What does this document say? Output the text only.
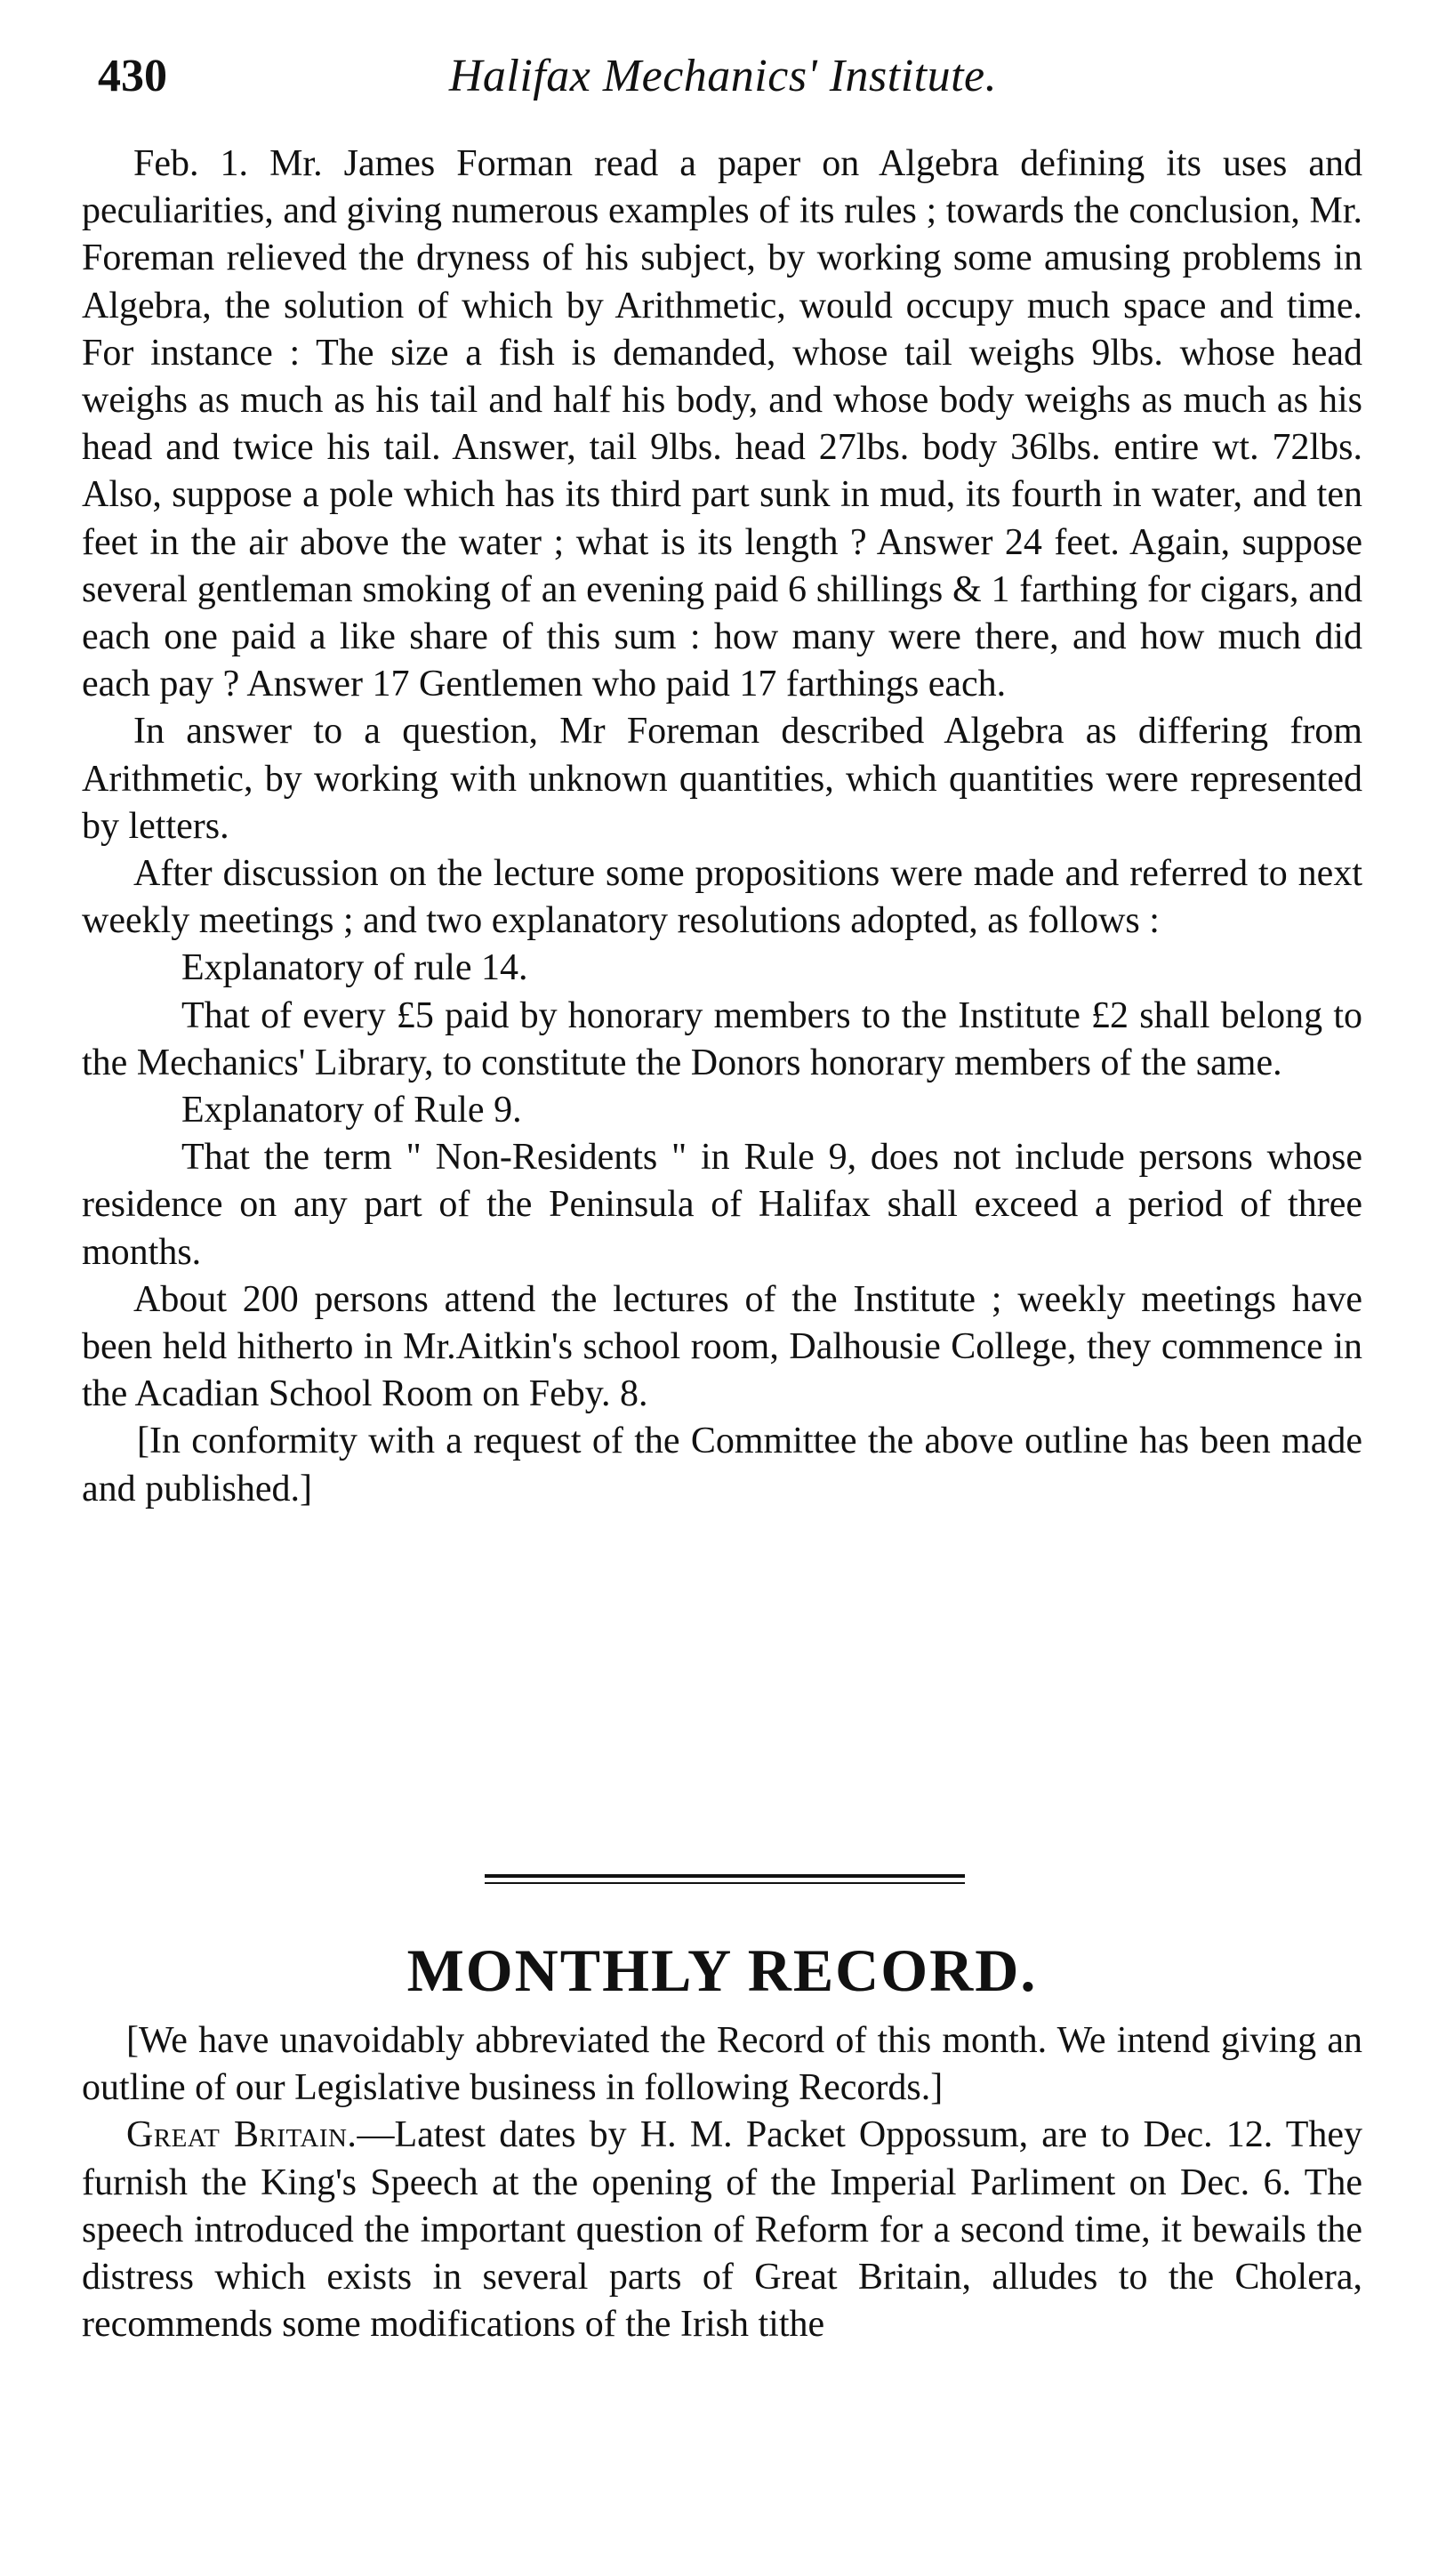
430	Halifax Mechanics' Institute.

Feb. 1. Mr. James Forman read a paper on Algebra defining its uses and peculiarities, and giving numerous examples of its rules ; towards the conclusion, Mr. Foreman relieved the dryness of his subject, by working some amusing problems in Algebra, the solution of which by Arithmetic, would occupy much space and time. For instance : The size a fish is demanded, whose tail weighs 9lbs. whose head weighs as much as his tail and half his body, and whose body weighs as much as his head and twice his tail. Answer, tail 9lbs. head 27lbs. body 36lbs. entire wt. 72lbs. Also, suppose a pole which has its third part sunk in mud, its fourth in water, and ten feet in the air above the water ; what is its length ? Answer 24 feet. Again, suppose several gentleman smoking of an evening paid 6 shillings & 1 farthing for cigars, and each one paid a like share of this sum : how many were there, and how much did each pay ? Answer 17 Gentlemen who paid 17 farthings each.

In answer to a question, Mr Foreman described Algebra as differing from Arithmetic, by working with unknown quantities, which quantities were represented by letters.

After discussion on the lecture some propositions were made and referred to next weekly meetings ; and two explanatory resolutions adopted, as follows :

Explanatory of rule 14.

That of every £5 paid by honorary members to the Institute £2 shall belong to the Mechanics' Library, to constitute the Donors honorary members of the same.

Explanatory of Rule 9.

That the term " Non-Residents " in Rule 9, does not include persons whose residence on any part of the Peninsula of Halifax shall exceed a period of three months.

About 200 persons attend the lectures of the Institute ; weekly meetings have been held hitherto in Mr.Aitkin's school room, Dalhousie College, they commence in the Acadian School Room on Feby. 8.

[In conformity with a request of the Committee the above outline has been made and published.]

MONTHLY RECORD.

[We have unavoidably abbreviated the Record of this month. We intend giving an outline of our Legislative business in following Records.]

Great Britain.—Latest dates by H. M. Packet Oppossum, are to Dec. 12. They furnish the King's Speech at the opening of the Imperial Parliment on Dec. 6. The speech introduced the important question of Reform for a second time, it bewails the distress which exists in several parts of Great Britain, alludes to the Cholera, recommends some modifications of the Irish tithe
